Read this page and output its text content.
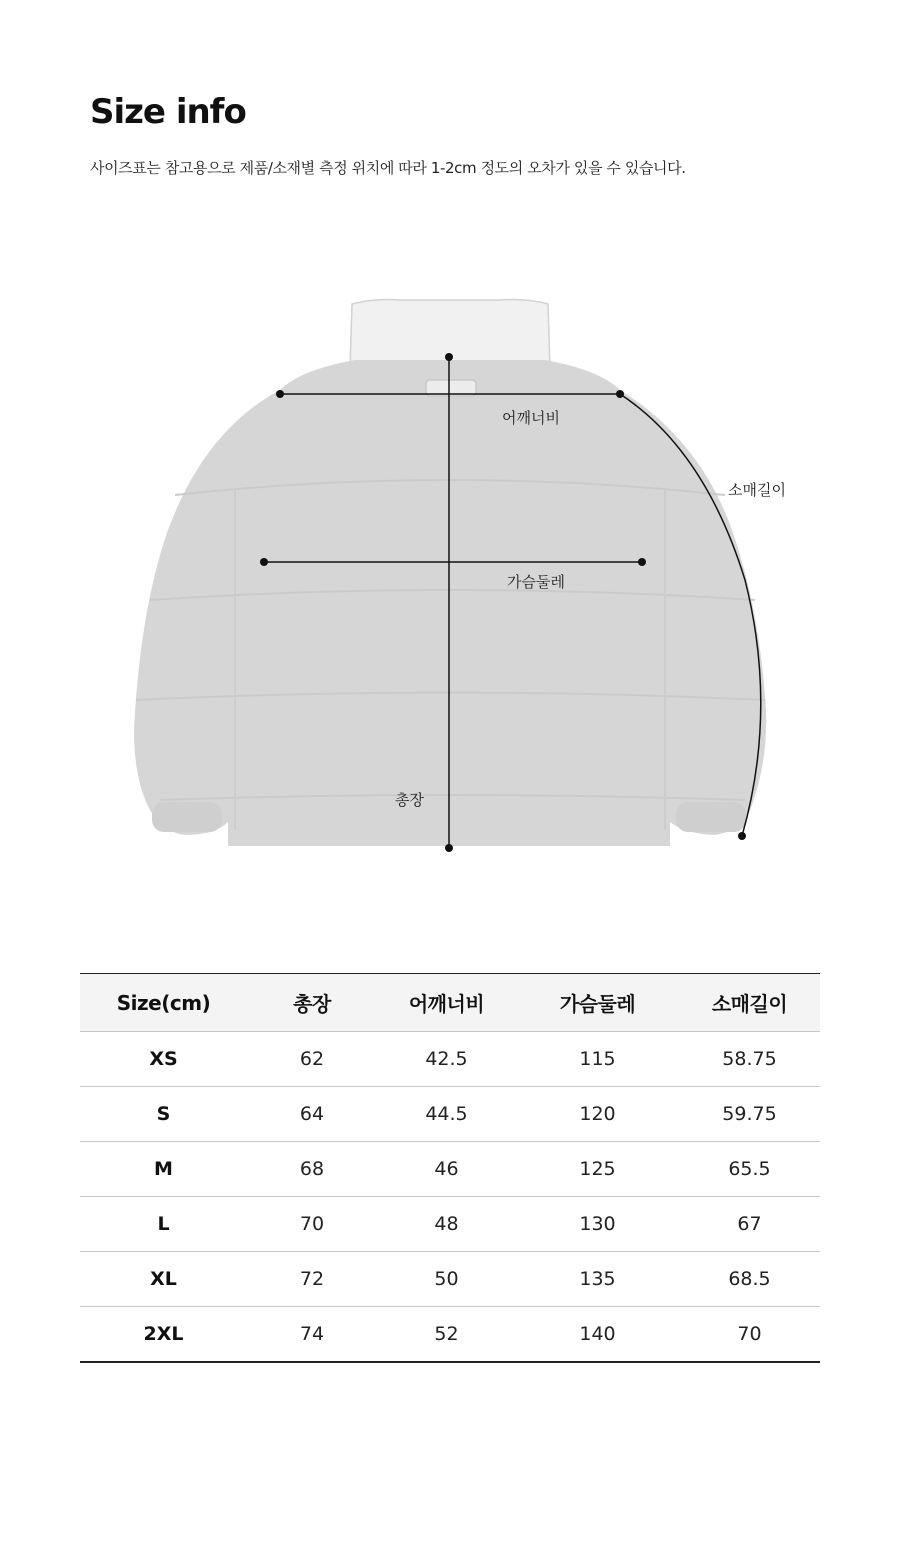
Size info

사이즈표는 참고용으로 제품/소재별 측정 위치에 따라 1-2cm 정도의 오차가 있을 수 있습니다.

어깨너비
가슴둘레
총장
소매길이
Size(cm)	총장	어깨너비	가슴둘레	소매길이
XS	62	42.5	115	58.75
S	64	44.5	120	59.75
M	68	46	125	65.5
L	70	48	130	67
XL	72	50	135	68.5
2XL	74	52	140	70
